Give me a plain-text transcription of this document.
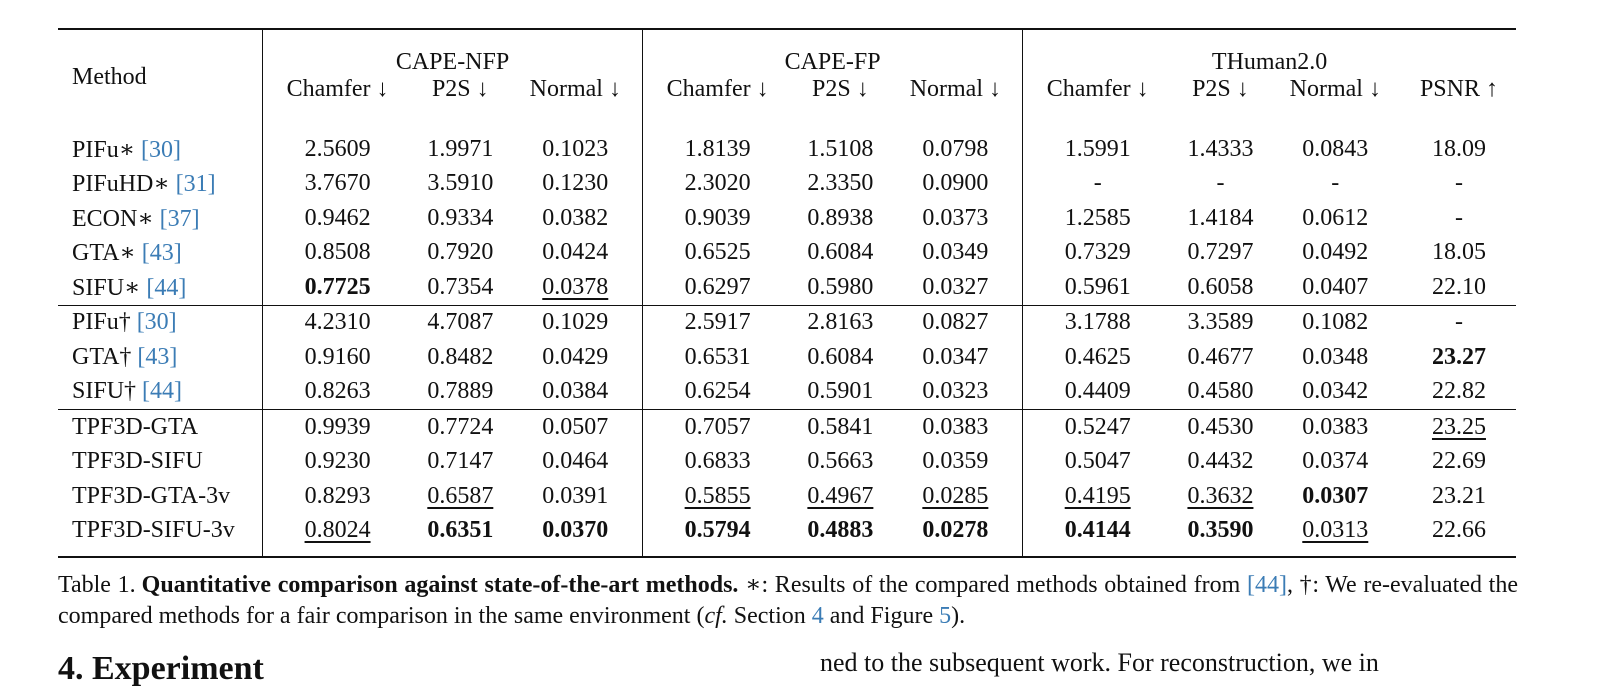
Method	CAPE-NFP			CAPE-FP			THuman2.0			
	Chamfer ↓	P2S ↓	Normal ↓	Chamfer ↓	P2S ↓	Normal ↓	Chamfer ↓	P2S ↓	Normal ↓	PSNR ↑
PIFu∗ [30]	2.5609	1.9971	0.1023	1.8139	1.5108	0.0798	1.5991	1.4333	0.0843	18.09
PIFuHD∗ [31]	3.7670	3.5910	0.1230	2.3020	2.3350	0.0900	-	-	-	-
ECON∗ [37]	0.9462	0.9334	0.0382	0.9039	0.8938	0.0373	1.2585	1.4184	0.0612	-
GTA∗ [43]	0.8508	0.7920	0.0424	0.6525	0.6084	0.0349	0.7329	0.7297	0.0492	18.05
SIFU∗ [44]	0.7725	0.7354	0.0378	0.6297	0.5980	0.0327	0.5961	0.6058	0.0407	22.10
PIFu† [30]	4.2310	4.7087	0.1029	2.5917	2.8163	0.0827	3.1788	3.3589	0.1082	-
GTA† [43]	0.9160	0.8482	0.0429	0.6531	0.6084	0.0347	0.4625	0.4677	0.0348	23.27
SIFU† [44]	0.8263	0.7889	0.0384	0.6254	0.5901	0.0323	0.4409	0.4580	0.0342	22.82
TPF3D-GTA	0.9939	0.7724	0.0507	0.7057	0.5841	0.0383	0.5247	0.4530	0.0383	23.25
TPF3D-SIFU	0.9230	0.7147	0.0464	0.6833	0.5663	0.0359	0.5047	0.4432	0.0374	22.69
TPF3D-GTA-3v	0.8293	0.6587	0.0391	0.5855	0.4967	0.0285	0.4195	0.3632	0.0307	23.21
TPF3D-SIFU-3v	0.8024	0.6351	0.0370	0.5794	0.4883	0.0278	0.4144	0.3590	0.0313	22.66
Table 1. Quantitative comparison against state-of-the-art methods. ∗: Results of the compared methods obtained from [44], †: We re-evaluated the compared methods for a fair comparison in the same environment (cf. Section 4 and Figure 5).
4. Experiment	ned to the subsequent work. For reconstruction, we in
